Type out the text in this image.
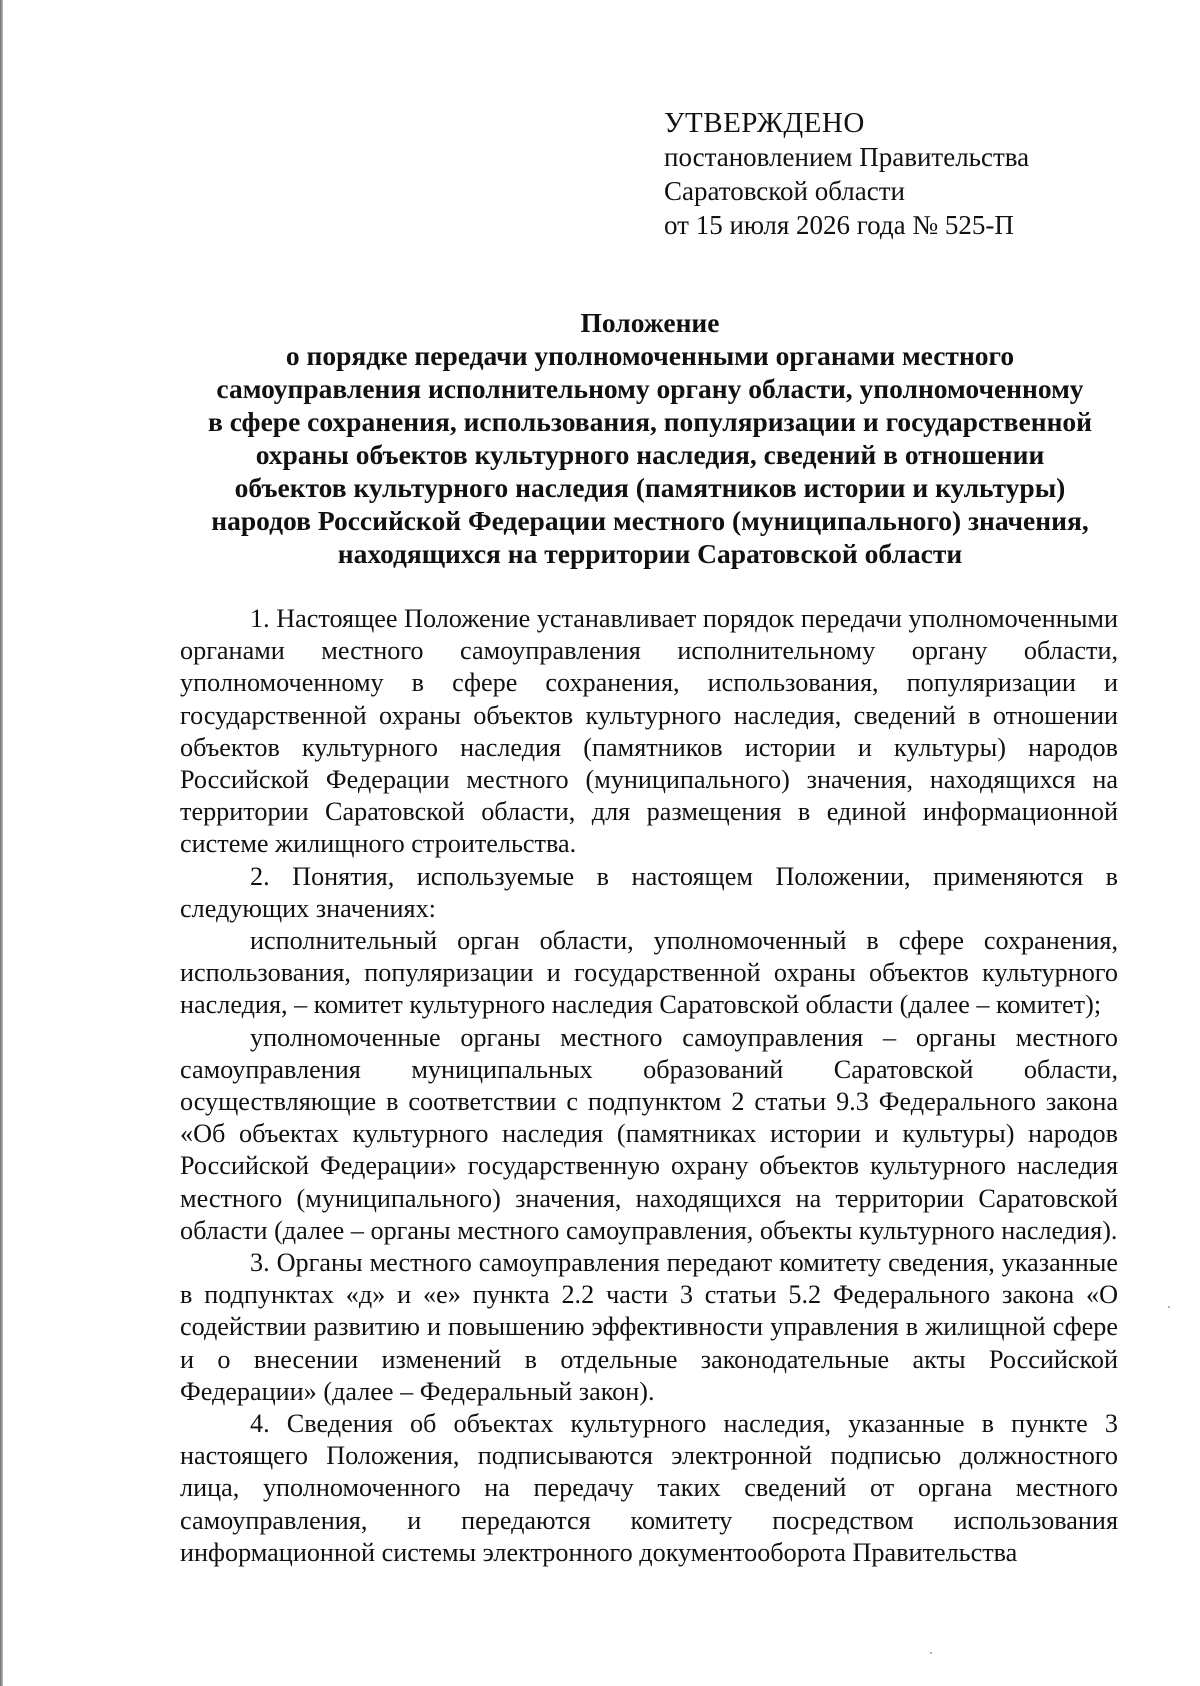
УТВЕРЖДЕНО
постановлением Правительства
Саратовской области
от 15 июля 2026 года № 525-П
Положение
о порядке передачи уполномоченными органами местного
самоуправления исполнительному органу области, уполномоченному
в сфере сохранения, использования, популяризации и государственной
охраны объектов культурного наследия, сведений в отношении
объектов культурного наследия (памятников истории и культуры)
народов Российской Федерации местного (муниципального) значения,
находящихся на территории Саратовской области

1. Настоящее Положение устанавливает порядок передачи уполномоченными органами местного самоуправления исполнительному органу области, уполномоченному в сфере сохранения, использования, популяризации и государственной охраны объектов культурного наследия, сведений в отношении объектов культурного наследия (памятников истории и культуры) народов Российской Федерации местного (муниципального) значения, находящихся на территории Саратовской области, для размещения в единой информационной системе жилищного строительства.

2. Понятия, используемые в настоящем Положении, применяются в следующих значениях:

исполнительный орган области, уполномоченный в сфере сохранения, использования, популяризации и государственной охраны объектов культурного наследия, – комитет культурного наследия Саратовской области (далее – комитет);

уполномоченные органы местного самоуправления – органы местного самоуправления муниципальных образований Саратовской области, осуществляющие в соответствии с подпунктом 2 статьи 9.3 Федерального закона «Об объектах культурного наследия (памятниках истории и культуры) народов Российской Федерации» государственную охрану объектов культурного наследия местного (муниципального) значения, находящихся на территории Саратовской области (далее – органы местного самоуправления, объекты культурного наследия).

3. Органы местного самоуправления передают комитету сведения, указанные в подпунктах «д» и «е» пункта 2.2 части 3 статьи 5.2 Федерального закона «О содействии развитию и повышению эффективности управления в жилищной сфере и о внесении изменений в отдельные законодательные акты Российской Федерации» (далее – Федеральный закон).

4. Сведения об объектах культурного наследия, указанные в пункте 3 настоящего Положения, подписываются электронной подписью должностного лица, уполномоченного на передачу таких сведений от органа местного самоуправления, и передаются комитету посредством использования информационной системы электронного документооборота Правительства
